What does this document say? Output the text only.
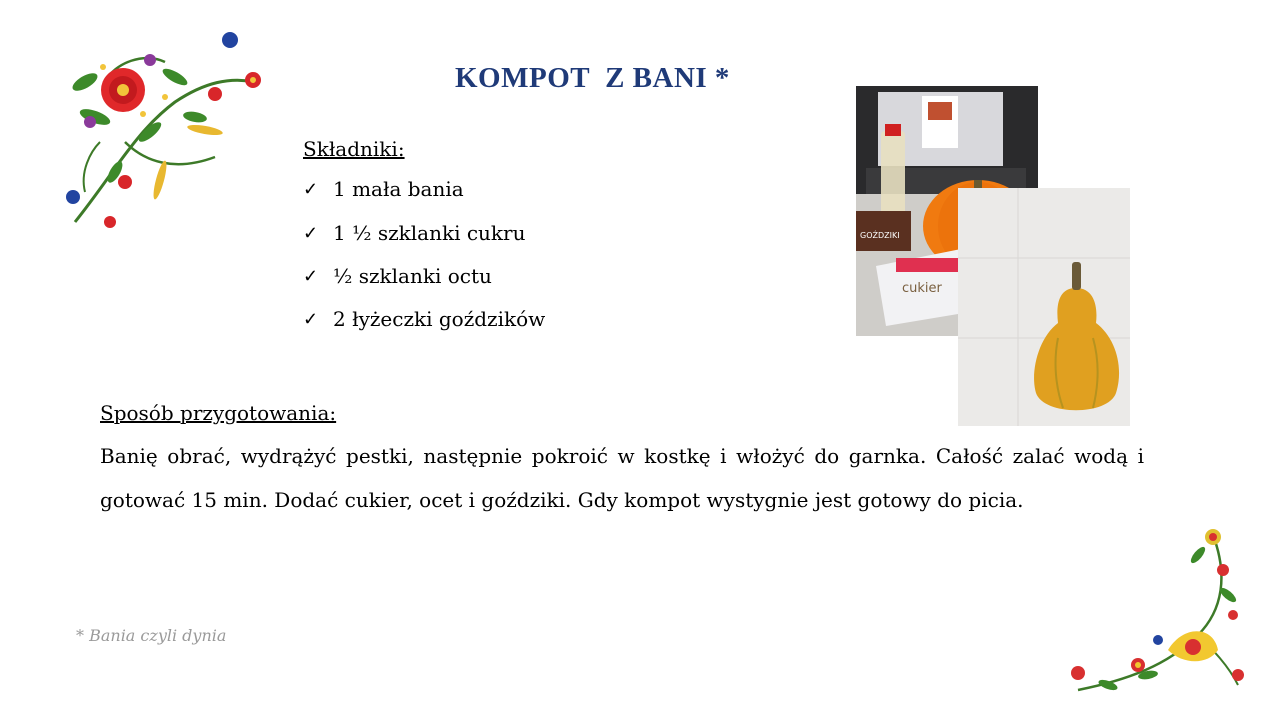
KOMPOT  Z BANI *
Składniki:
✓ 1 mała bania
✓ 1 ½ szklanki cukru
✓ ½ szklanki octu
✓ 2 łyżeczki goździków
GOŹDZIKI
cukier
Sposób przygotowania:
Banię obrać, wydrążyć pestki, następnie pokroić w kostkę i włożyć do garnka. Całość zalać wodą i gotować 15 min. Dodać cukier, ocet i goździki. Gdy kompot wystygnie jest gotowy do picia.
* Bania czyli dynia
